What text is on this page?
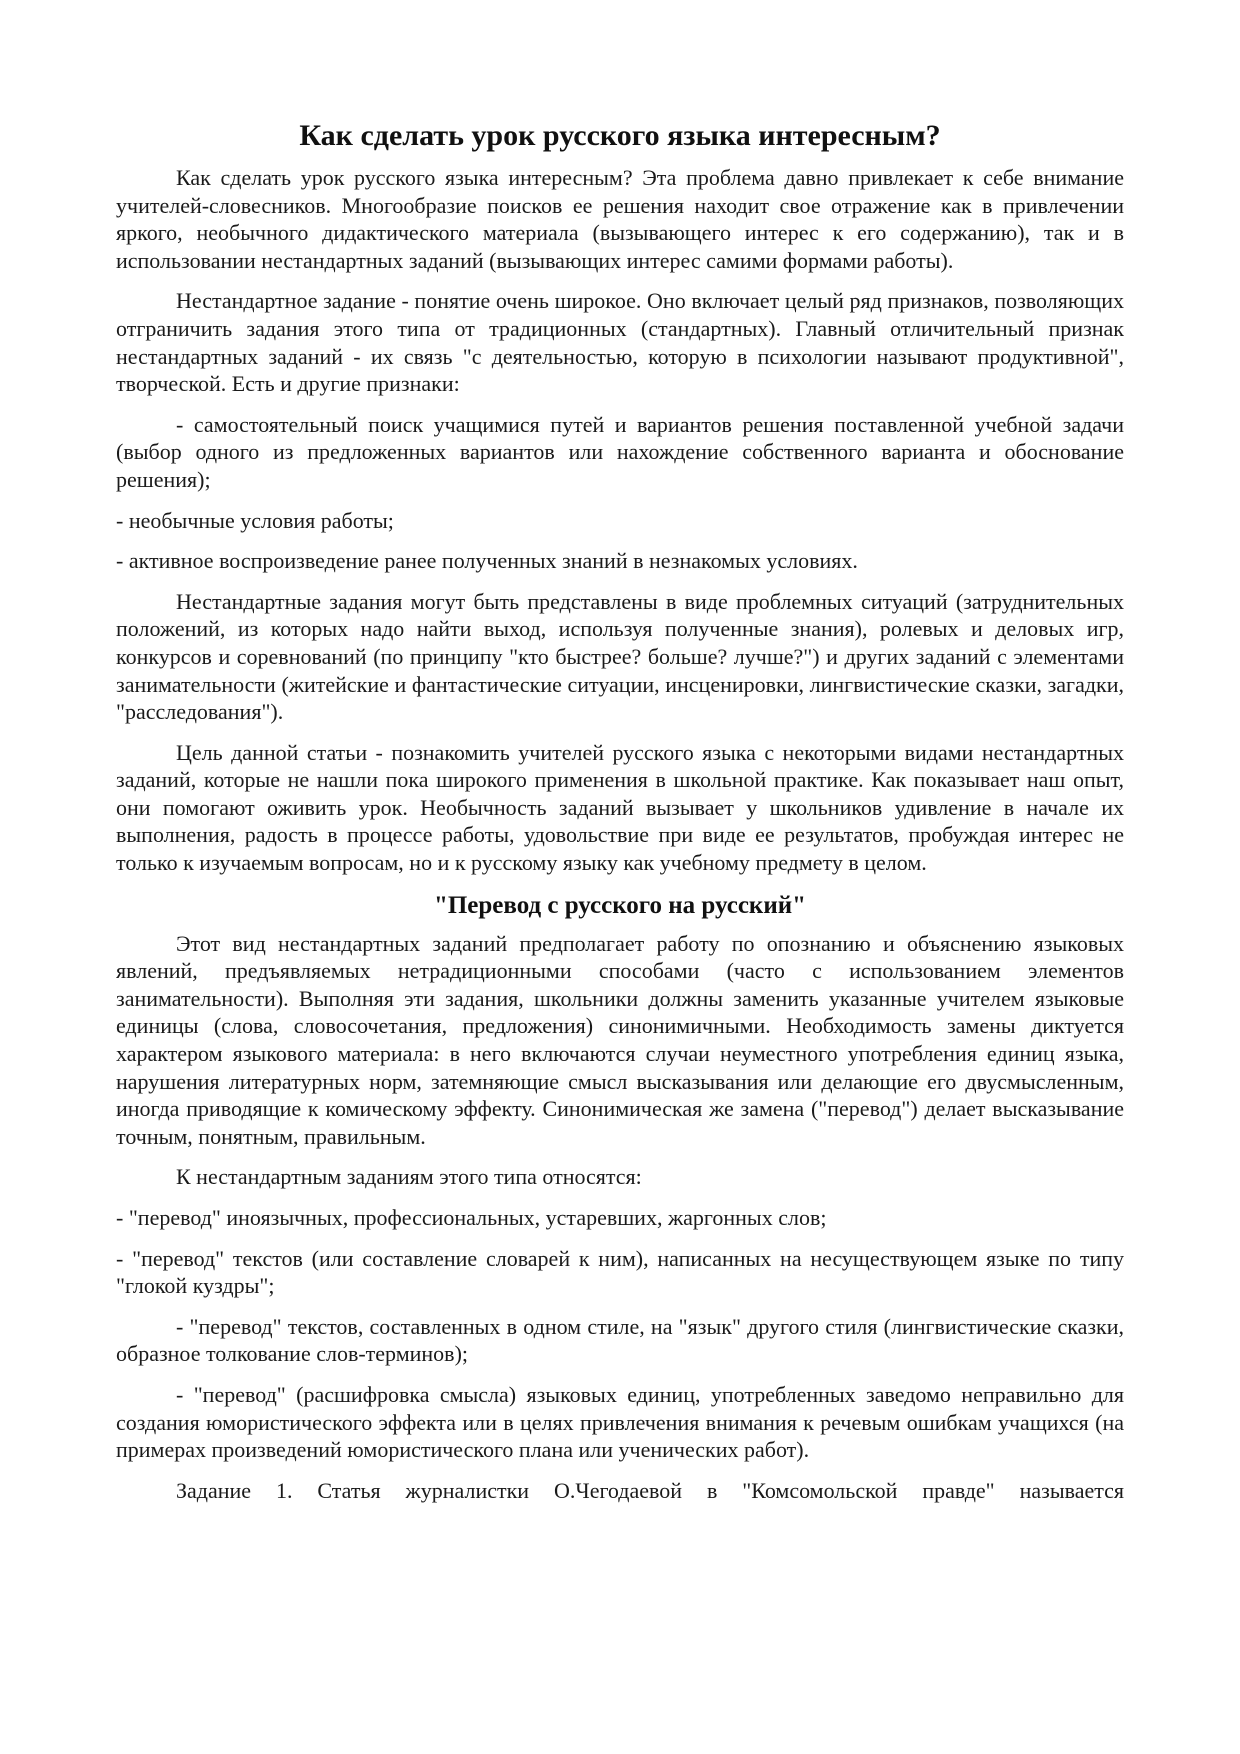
Как сделать урок русского языка интересным?

Как сделать урок русского языка интересным? Эта проблема давно привлекает к себе внимание учителей-словесников. Многообразие поисков ее решения находит свое отражение как в привлечении яркого, необычного дидактического материала (вызывающего интерес к его содержанию), так и в использовании нестандартных заданий (вызывающих интерес самими формами работы).

Нестандартное задание - понятие очень широкое. Оно включает целый ряд признаков, позволяющих отграничить задания этого типа от традиционных (стандартных). Главный отличительный признак нестандартных заданий - их связь "с деятельностью, которую в психологии называют продуктивной", творческой. Есть и другие признаки:

- самостоятельный поиск учащимися путей и вариантов решения поставленной учебной задачи (выбор одного из предложенных вариантов или нахождение собственного варианта и обоснование решения);

- необычные условия работы;

- активное воспроизведение ранее полученных знаний в незнакомых условиях.

Нестандартные задания могут быть представлены в виде проблемных ситуаций (затруднительных положений, из которых надо найти выход, используя полученные знания), ролевых и деловых игр, конкурсов и соревнований (по принципу "кто быстрее? больше? лучше?") и других заданий с элементами занимательности (житейские и фантастические ситуации, инсценировки, лингвистические сказки, загадки, "расследования").

Цель данной статьи - познакомить учителей русского языка с некоторыми видами нестандартных заданий, которые не нашли пока широкого применения в школьной практике. Как показывает наш опыт, они помогают оживить урок. Необычность заданий вызывает у школьников удивление в начале их выполнения, радость в процессе работы, удовольствие при виде ее результатов, пробуждая интерес не только к изучаемым вопросам, но и к русскому языку как учебному предмету в целом.

"Перевод с русского на русский"

Этот вид нестандартных заданий предполагает работу по опознанию и объяснению языковых явлений, предъявляемых нетрадиционными способами (часто с использованием элементов занимательности). Выполняя эти задания, школьники должны заменить указанные учителем языковые единицы (слова, словосочетания, предложения) синонимичными. Необходимость замены диктуется характером языкового материала: в него включаются случаи неуместного употребления единиц языка, нарушения литературных норм, затемняющие смысл высказывания или делающие его двусмысленным, иногда приводящие к комическому эффекту. Синонимическая же замена ("перевод") делает высказывание точным, понятным, правильным.

К нестандартным заданиям этого типа относятся:

- "перевод" иноязычных, профессиональных, устаревших, жаргонных слов;

- "перевод" текстов (или составление словарей к ним), написанных на несуществующем языке по типу "глокой куздры";

- "перевод" текстов, составленных в одном стиле, на "язык" другого стиля (лингвистические сказки, образное толкование слов-терминов);

- "перевод" (расшифровка смысла) языковых единиц, употребленных заведомо неправильно для создания юмористического эффекта или в целях привлечения внимания к речевым ошибкам учащихся (на примерах произведений юмористического плана или ученических работ).

Задание 1. Статья журналистки О.Чегодаевой в "Комсомольской правде" называется
